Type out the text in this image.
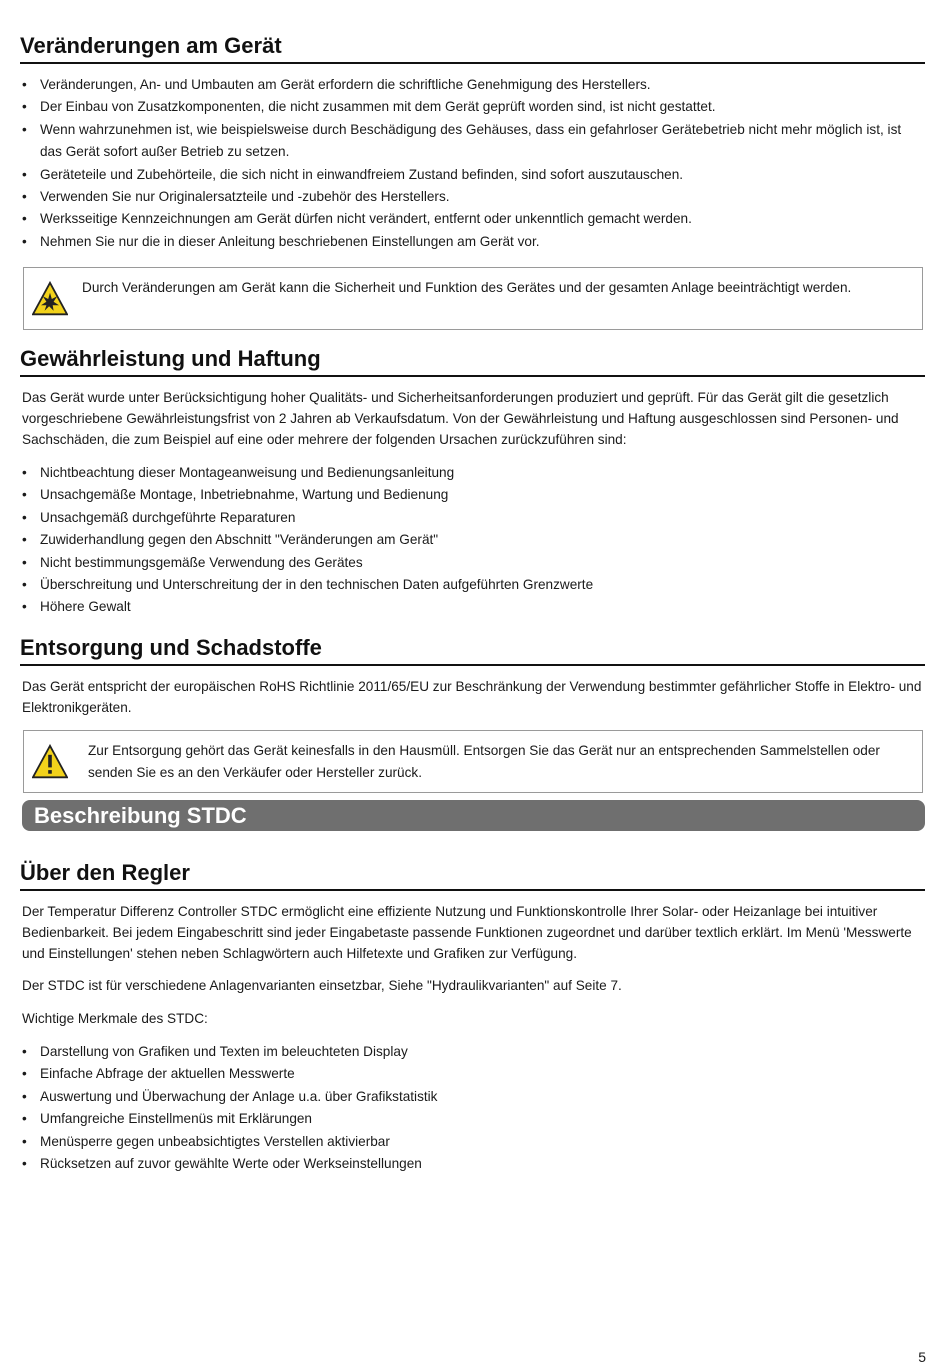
Veränderungen am Gerät
• Veränderungen, An- und Umbauten am Gerät erfordern die schriftliche Genehmigung des Herstellers.
• Der Einbau von Zusatzkomponenten, die nicht zusammen mit dem Gerät geprüft worden sind, ist nicht gestattet.
• Wenn wahrzunehmen ist, wie beispielsweise durch Beschädigung des Gehäuses, dass ein gefahrloser Gerätebetrieb nicht mehr möglich ist, ist das Gerät sofort außer Betrieb zu setzen.
• Geräteteile und Zubehörteile, die sich nicht in einwandfreiem Zustand befinden, sind sofort auszutauschen.
• Verwenden Sie nur Originalersatzteile und -zubehör des Herstellers.
• Werksseitige Kennzeichnungen am Gerät dürfen nicht verändert, entfernt oder unkenntlich gemacht werden.
• Nehmen Sie nur die in dieser Anleitung beschriebenen Einstellungen am Gerät vor.
Durch Veränderungen am Gerät kann die Sicherheit und Funktion des Gerätes und der gesamten Anlage beeinträchtigt werden.
Gewährleistung und Haftung

Das Gerät wurde unter Berücksichtigung hoher Qualitäts- und Sicherheitsanforderungen produziert und geprüft. Für das Gerät gilt die gesetzlich vorgeschriebene Gewährleistungsfrist von 2 Jahren ab Verkaufsdatum. Von der Gewährleistung und Haftung ausgeschlossen sind Personen- und Sachschäden, die zum Beispiel auf eine oder mehrere der folgenden Ursachen zurückzuführen sind:

• Nichtbeachtung dieser Montageanweisung und Bedienungsanleitung
• Unsachgemäße Montage, Inbetriebnahme, Wartung und Bedienung
• Unsachgemäß durchgeführte Reparaturen
• Zuwiderhandlung gegen den Abschnitt "Veränderungen am Gerät"
• Nicht bestimmungsgemäße Verwendung des Gerätes
• Überschreitung und Unterschreitung der in den technischen Daten aufgeführten Grenzwerte
• Höhere Gewalt
Entsorgung und Schadstoffe

Das Gerät entspricht der europäischen RoHS Richtlinie 2011/65/EU zur Beschränkung der Verwendung bestimmter gefährlicher Stoffe in Elektro- und Elektronikgeräten.

Zur Entsorgung gehört das Gerät keinesfalls in den Hausmüll. Entsorgen Sie das Gerät nur an entsprechenden Sammelstellen oder senden Sie es an den Verkäufer oder Hersteller zurück.
Beschreibung STDC
Über den Regler

Der Temperatur Differenz Controller STDC ermöglicht eine effiziente Nutzung und Funktionskontrolle Ihrer Solar- oder Heizanlage bei intuitiver Bedienbarkeit. Bei jedem Eingabeschritt sind jeder Eingabetaste passende Funktionen zugeordnet und darüber textlich erklärt. Im Menü 'Messwerte und Einstellungen' stehen neben Schlagwörtern auch Hilfetexte und Grafiken zur Verfügung.

Der STDC ist für verschiedene Anlagenvarianten einsetzbar, Siehe "Hydraulikvarianten" auf Seite 7.

Wichtige Merkmale des STDC:

• Darstellung von Grafiken und Texten im beleuchteten Display
• Einfache Abfrage der aktuellen Messwerte
• Auswertung und Überwachung der Anlage u.a. über Grafikstatistik
• Umfangreiche Einstellmenüs mit Erklärungen
• Menüsperre gegen unbeabsichtigtes Verstellen aktivierbar
• Rücksetzen auf zuvor gewählte Werte oder Werkseinstellungen
5
